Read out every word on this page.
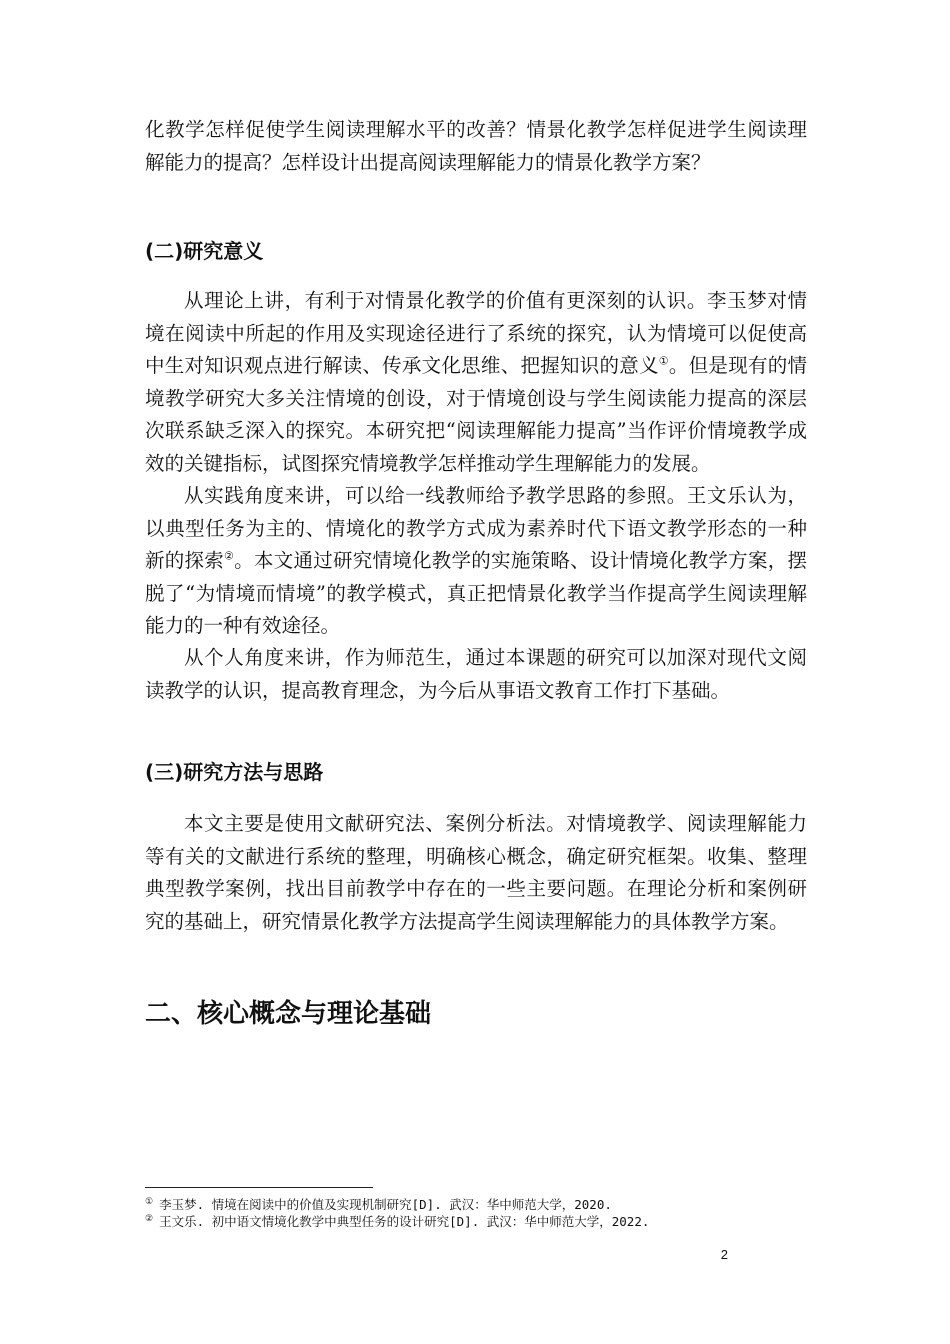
化教学怎样促使学生阅读理解水平的改善？情景化教学怎样促进学生阅读理解能力的提高？怎样设计出提高阅读理解能力的情景化教学方案？

(二)研究意义

从理论上讲，有利于对情景化教学的价值有更深刻的认识。李玉梦对情境在阅读中所起的作用及实现途径进行了系统的探究，认为情境可以促使高中生对知识观点进行解读、传承文化思维、把握知识的意义①。但是现有的情境教学研究大多关注情境的创设，对于情境创设与学生阅读能力提高的深层次联系缺乏深入的探究。本研究把“阅读理解能力提高”当作评价情境教学成效的关键指标，试图探究情境教学怎样推动学生理解能力的发展。

从实践角度来讲，可以给一线教师给予教学思路的参照。王文乐认为，以典型任务为主的、情境化的教学方式成为素养时代下语文教学形态的一种新的探索②。本文通过研究情境化教学的实施策略、设计情境化教学方案，摆脱了“为情境而情境”的教学模式，真正把情景化教学当作提高学生阅读理解能力的一种有效途径。

从个人角度来讲，作为师范生，通过本课题的研究可以加深对现代文阅读教学的认识，提高教育理念，为今后从事语文教育工作打下基础。

(三)研究方法与思路

本文主要是使用文献研究法、案例分析法。对情境教学、阅读理解能力等有关的文献进行系统的整理，明确核心概念，确定研究框架。收集、整理典型教学案例，找出目前教学中存在的一些主要问题。在理论分析和案例研究的基础上，研究情景化教学方法提高学生阅读理解能力的具体教学方案。

二、核心概念与理论基础

① 李玉梦. 情境在阅读中的价值及实现机制研究[D]. 武汉：华中师范大学，2020.

② 王文乐. 初中语文情境化教学中典型任务的设计研究[D]. 武汉：华中师范大学，2022.

2
